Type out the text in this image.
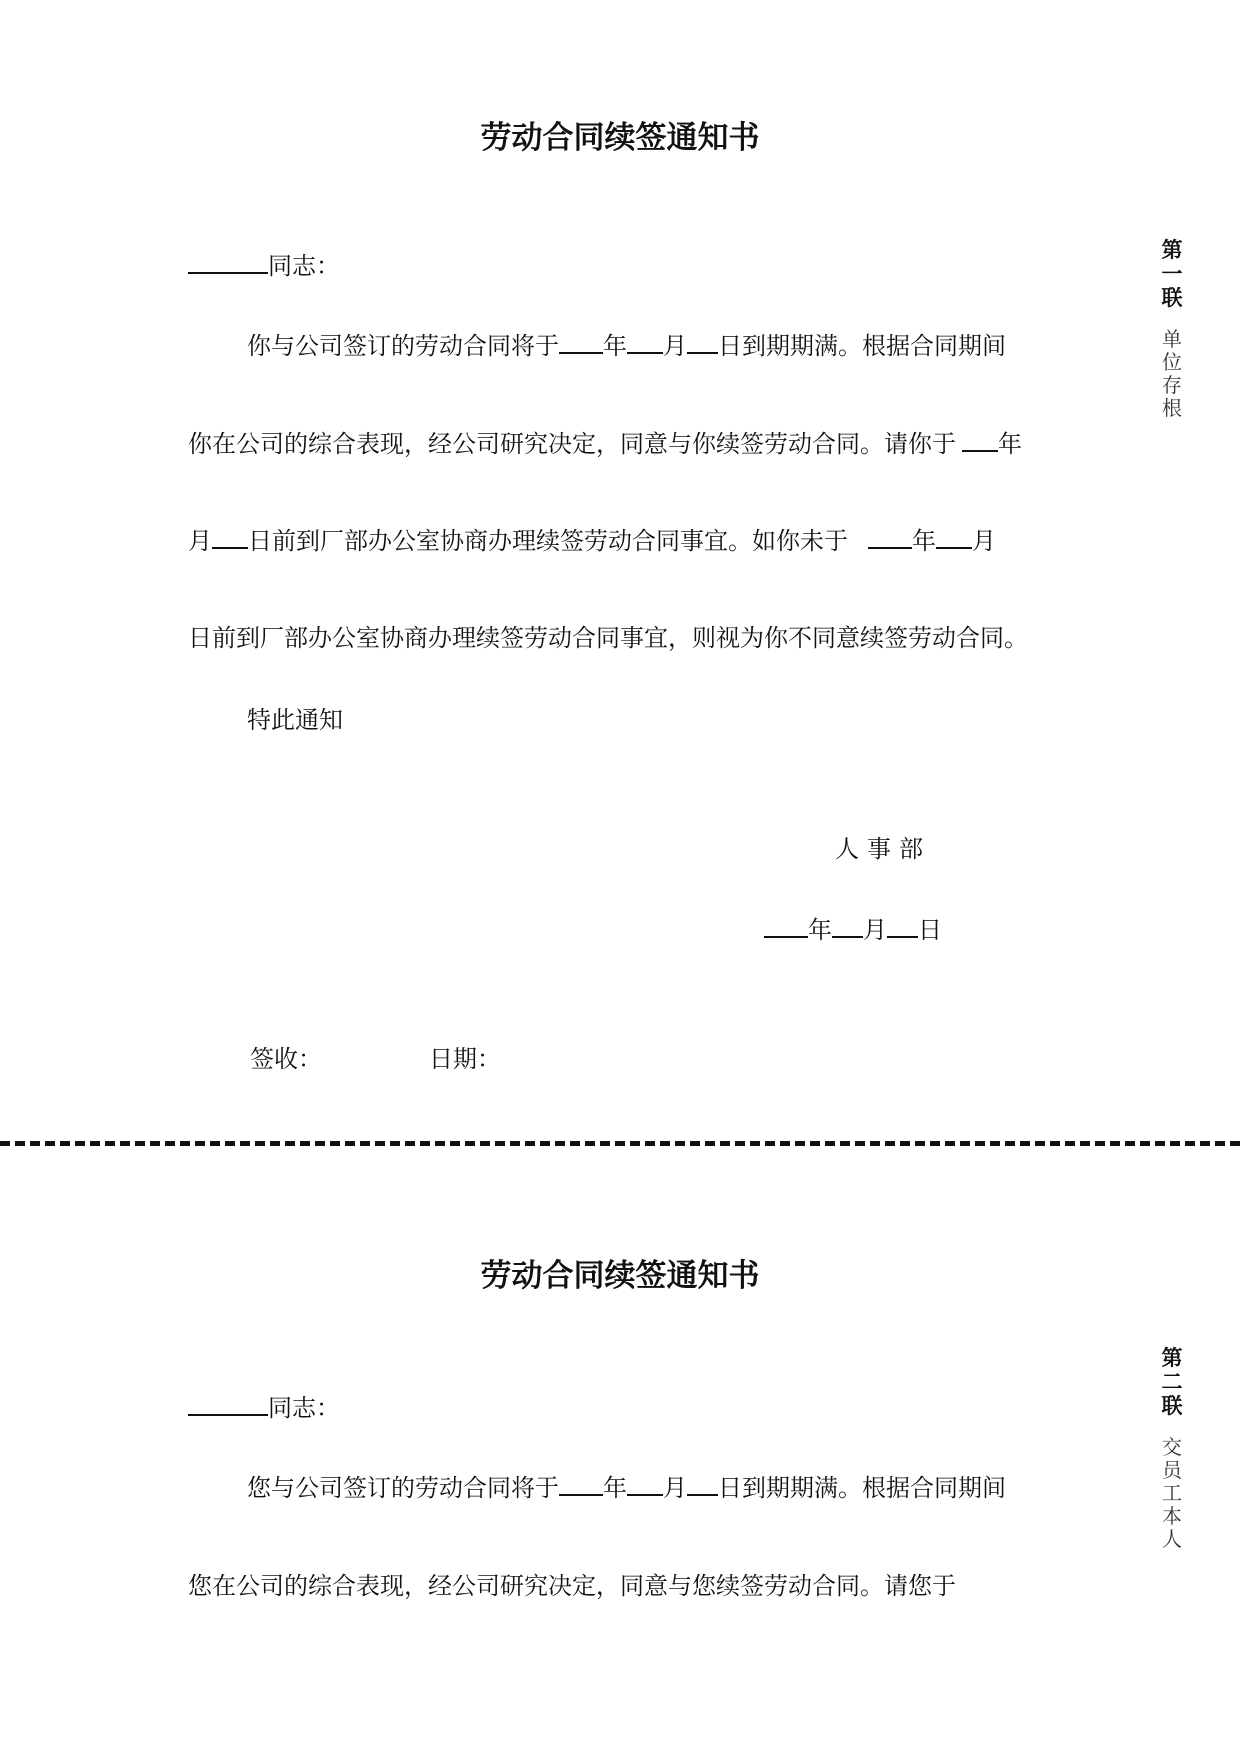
劳动合同续签通知书
同志：
你与公司签订的劳动合同将于 年 月 日到期期满。根据合同期间
你在公司的综合表现，经公司研究决定，同意与你续签劳动合同。请你于 年
月 日前到厂部办公室协商办理续签劳动合同事宜。如你未于	年 月
日前到厂部办公室协商办理续签劳动合同事宜，则视为你不同意续签劳动合同。
特此通知
人事部
年 月 日
签收：	日期：
第
一
联
单
位
存
根
劳动合同续签通知书
同志：
您与公司签订的劳动合同将于 年 月 日到期期满。根据合同期间
您在公司的综合表现，经公司研究决定，同意与您续签劳动合同。请您于
第
二
联
交
员
工
本
人
